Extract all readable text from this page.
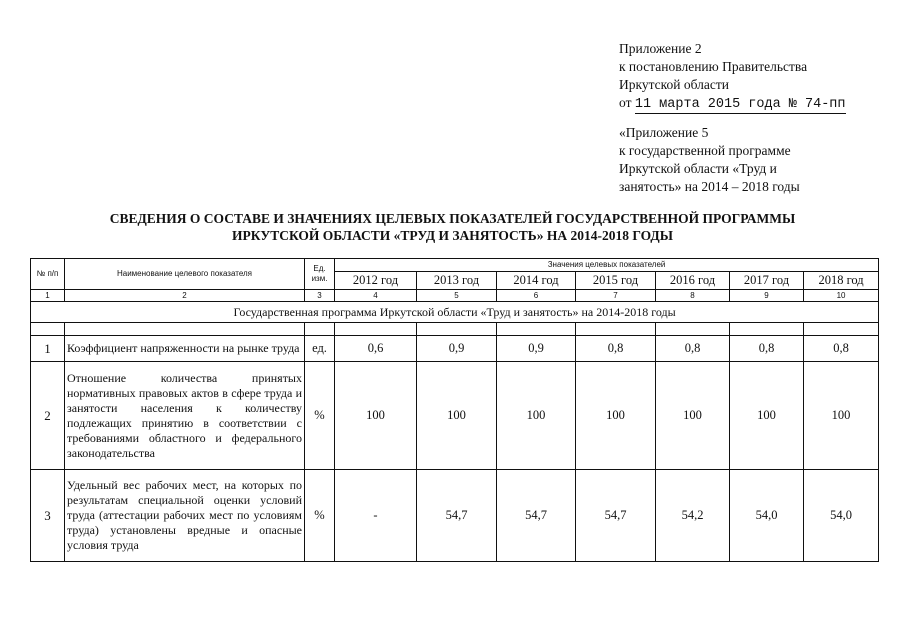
Приложение 2
к постановлению Правительства
Иркутской области
от 11 марта 2015 года № 74-пп
«Приложение 5
к государственной программе
Иркутской области «Труд и
занятость» на 2014 – 2018 годы
СВЕДЕНИЯ О СОСТАВЕ И ЗНАЧЕНИЯХ ЦЕЛЕВЫХ ПОКАЗАТЕЛЕЙ ГОСУДАРСТВЕННОЙ ПРОГРАММЫ
ИРКУТСКОЙ ОБЛАСТИ «ТРУД И ЗАНЯТОСТЬ» НА 2014-2018 ГОДЫ
№ п/п	Наименование целевого показателя	Ед. изм.	Значения целевых показателей						
			2012 год	2013 год	2014 год	2015 год	2016 год	2017 год	2018 год
1	2	3	4	5	6	7	8	9	10
Государственная программа Иркутской области «Труд и занятость» на 2014-2018 годы									

1	Коэффициент напряженности на рынке труда	ед.	0,6	0,9	0,9	0,8	0,8	0,8	0,8
2	Отношение количества принятых нормативных правовых актов в сфере труда и занятости населения к количеству подлежащих принятию в соответствии с требованиями областного и федерального законодательства	%	100	100	100	100	100	100	100
3	Удельный вес рабочих мест, на которых по результатам специальной оценки условий труда (аттестации рабочих мест по условиям труда) установлены вредные и опасные условия труда	%	-	54,7	54,7	54,7	54,2	54,0	54,0
